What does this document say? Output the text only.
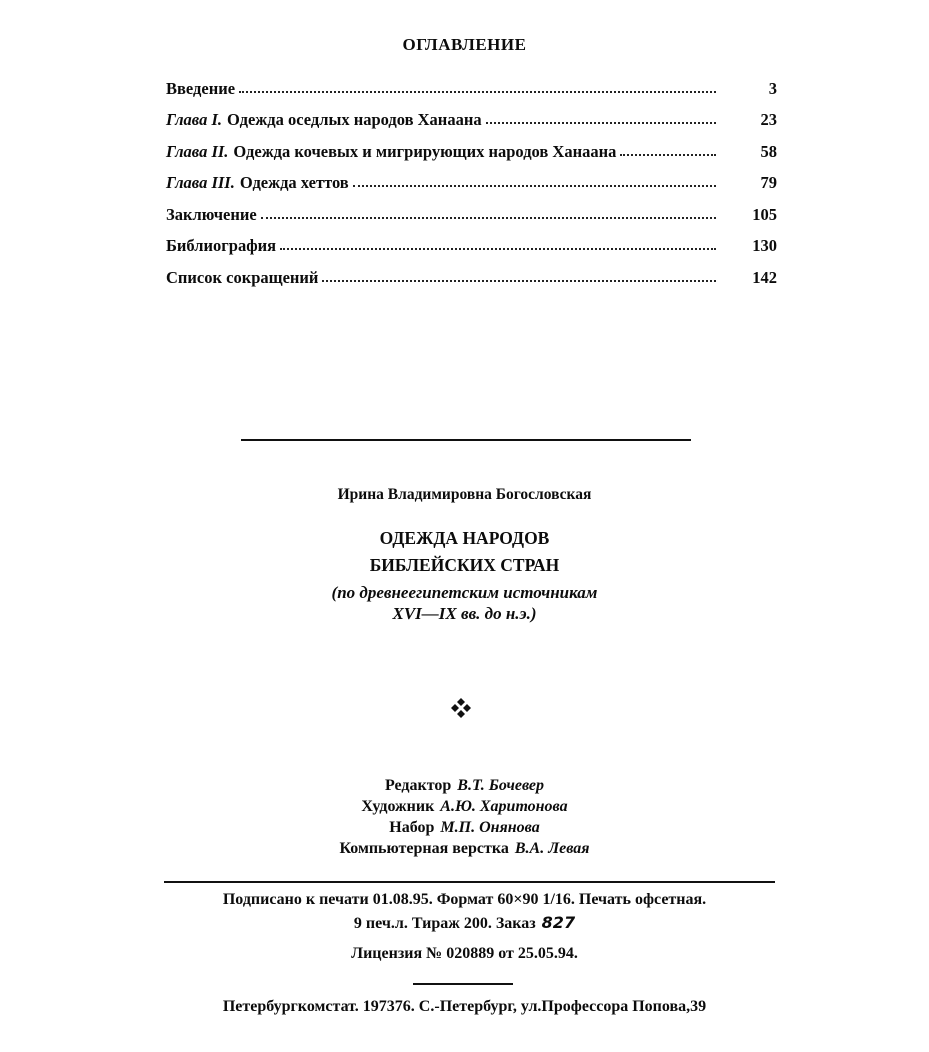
ОГЛАВЛЕНИЕ
Введение	3
Глава I. Одежда оседлых народов Ханаана	23
Глава II. Одежда кочевых и мигрирующих народов Ханаана	58
Глава III. Одежда хеттов	79
Заключение	105
Библиография	130
Список сокращений	142
Ирина Владимировна Богословская
ОДЕЖДА НАРОДОВ
БИБЛЕЙСКИХ СТРАН
(по древнеегипетским источникам
XVI—IX вв. до н.э.)
Редактор В.Т. Бочевер
Художник А.Ю. Харитонова
Набор М.П. Онянова
Компьютерная верстка В.А. Левая
Подписано к печати 01.08.95. Формат 60×90 1/16. Печать офсетная.
9 печ.л. Тираж 200. Заказ 827
Лицензия № 020889 от 25.05.94.
Петербургкомстат. 197376. С.-Петербург, ул.Профессора Попова,39
